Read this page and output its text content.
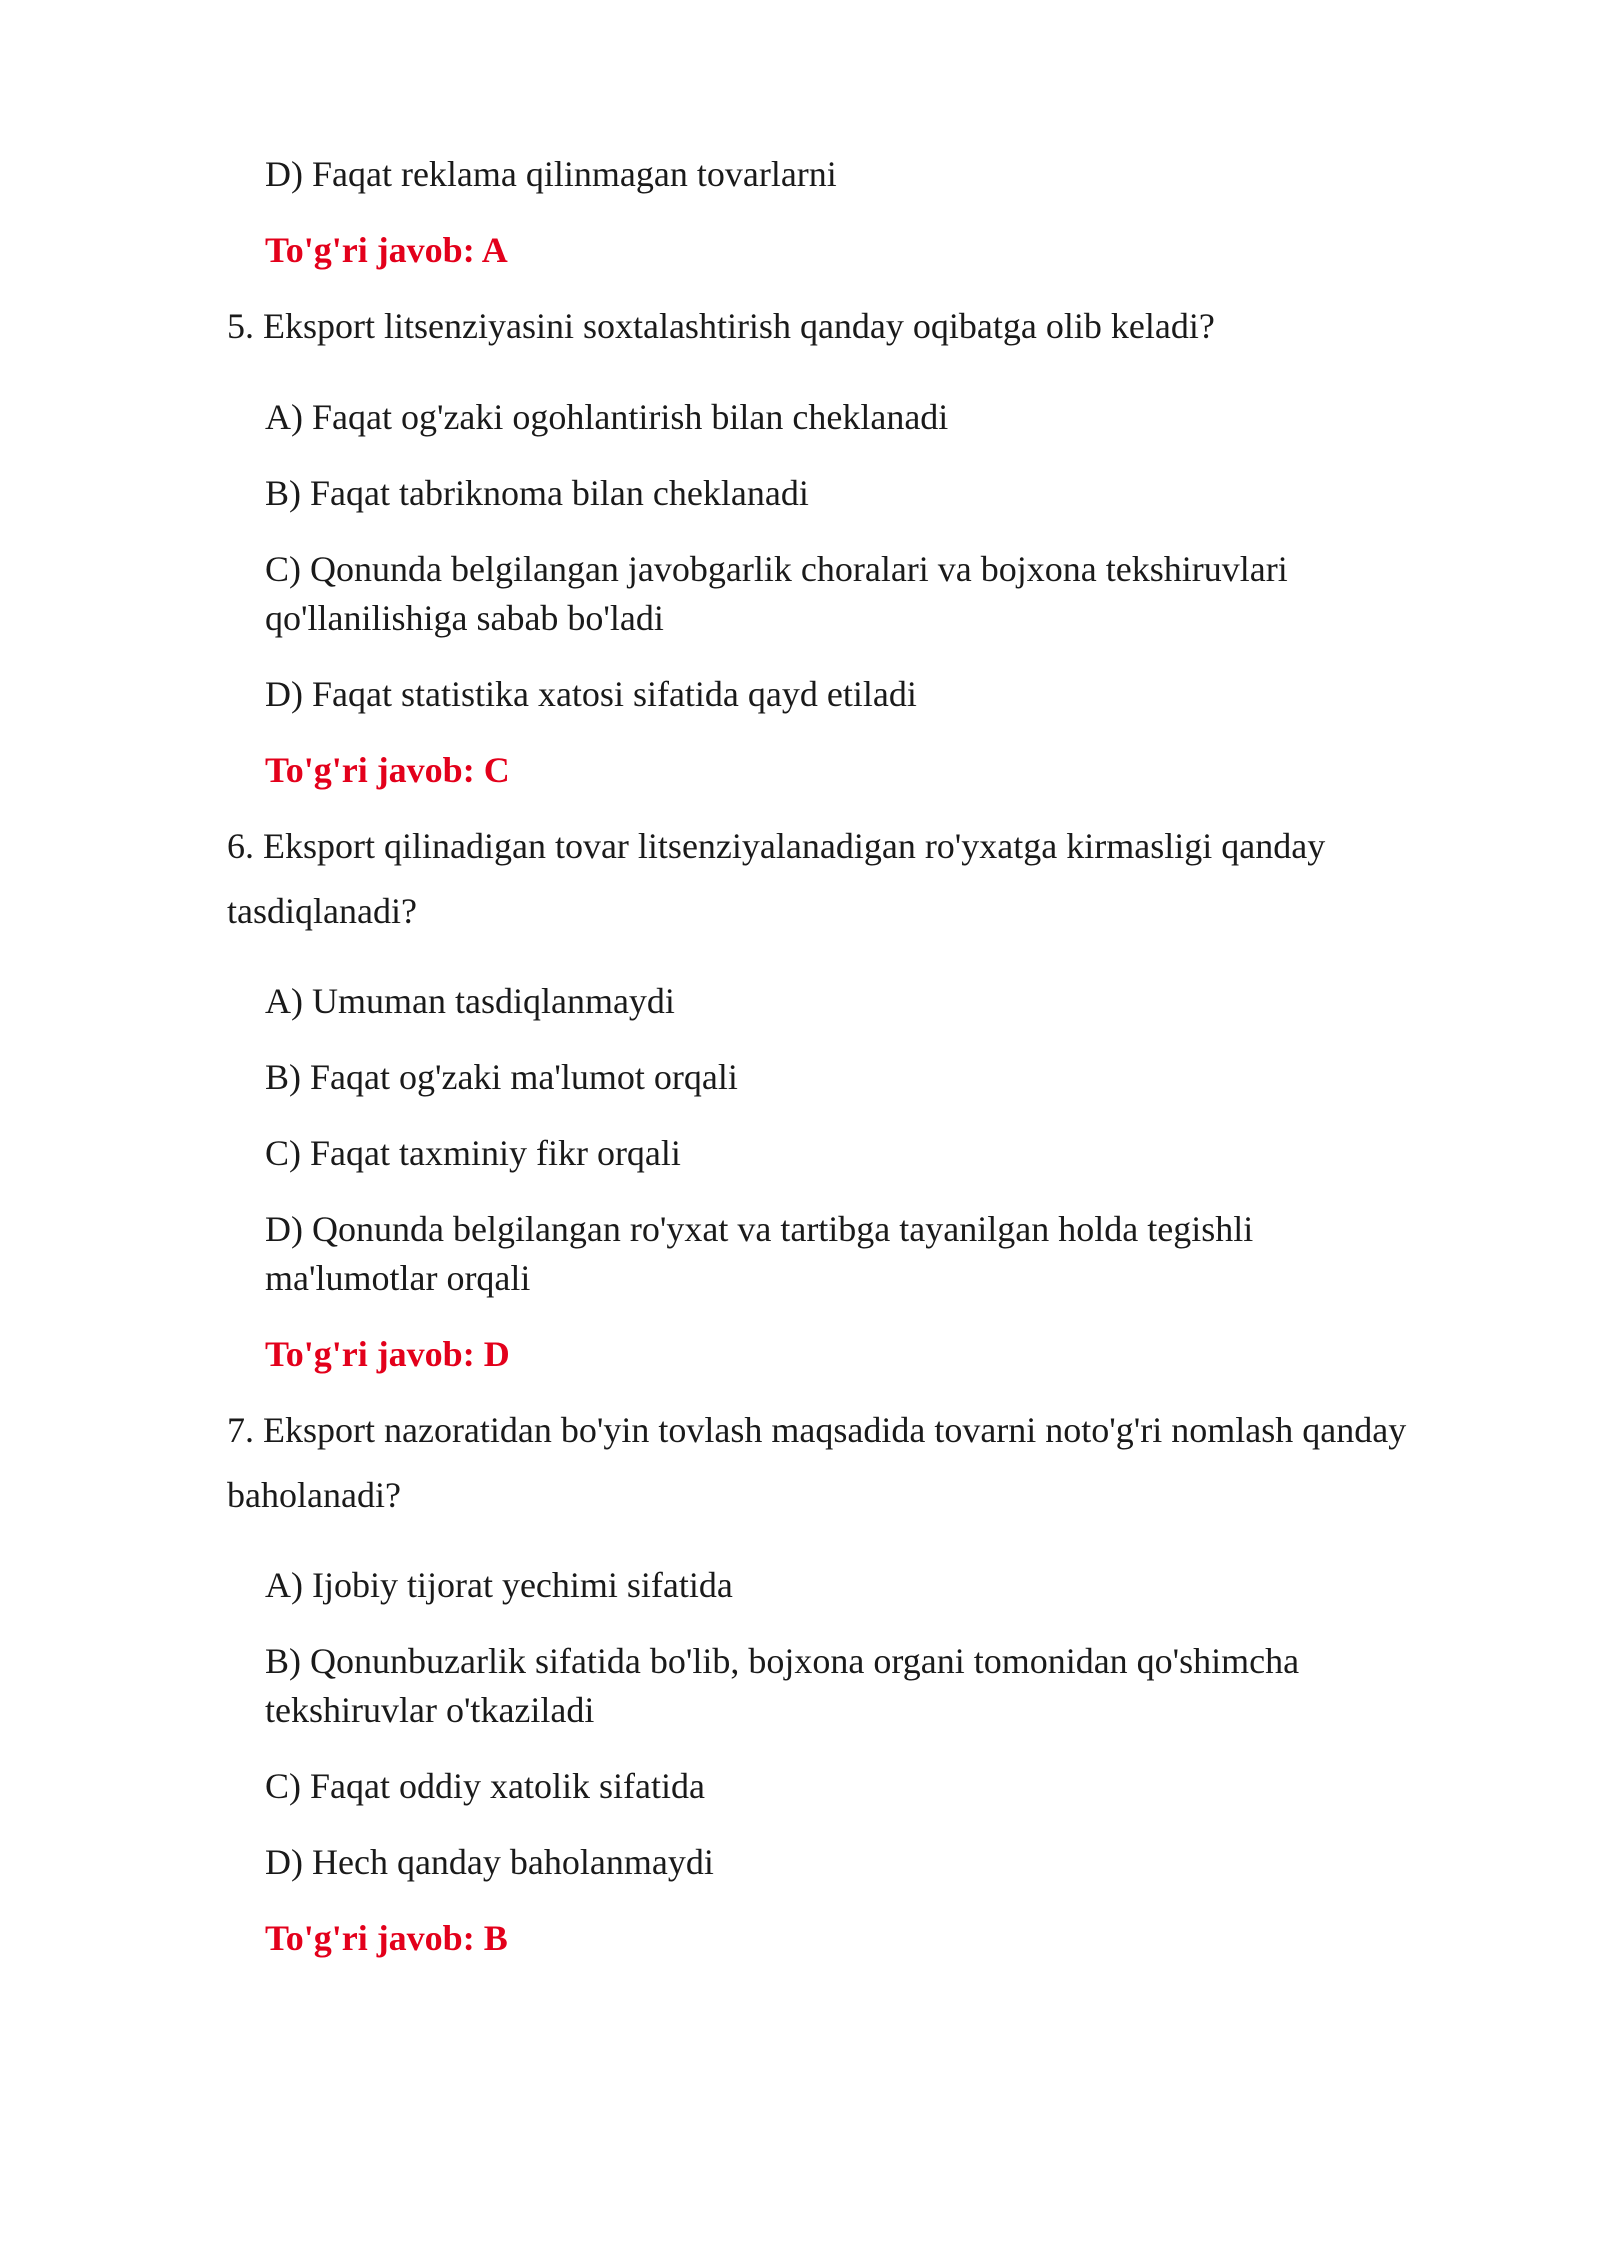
D) Faqat reklama qilinmagan tovarlarni
To'g'ri javob: A
5. Eksport litsenziyasini soxtalashtirish qanday oqibatga olib keladi?
A) Faqat og'zaki ogohlantirish bilan cheklanadi
B) Faqat tabriknoma bilan cheklanadi
C) Qonunda belgilangan javobgarlik choralari va bojxona tekshiruvlari
qo'llanilishiga sabab bo'ladi
D) Faqat statistika xatosi sifatida qayd etiladi
To'g'ri javob: C
6. Eksport qilinadigan tovar litsenziyalanadigan ro'yxatga kirmasligi qanday
tasdiqlanadi?
A) Umuman tasdiqlanmaydi
B) Faqat og'zaki ma'lumot orqali
C) Faqat taxminiy fikr orqali
D) Qonunda belgilangan ro'yxat va tartibga tayanilgan holda tegishli
ma'lumotlar orqali
To'g'ri javob: D
7. Eksport nazoratidan bo'yin tovlash maqsadida tovarni noto'g'ri nomlash qanday
baholanadi?
A) Ijobiy tijorat yechimi sifatida
B) Qonunbuzarlik sifatida bo'lib, bojxona organi tomonidan qo'shimcha
tekshiruvlar o'tkaziladi
C) Faqat oddiy xatolik sifatida
D) Hech qanday baholanmaydi
To'g'ri javob: B
